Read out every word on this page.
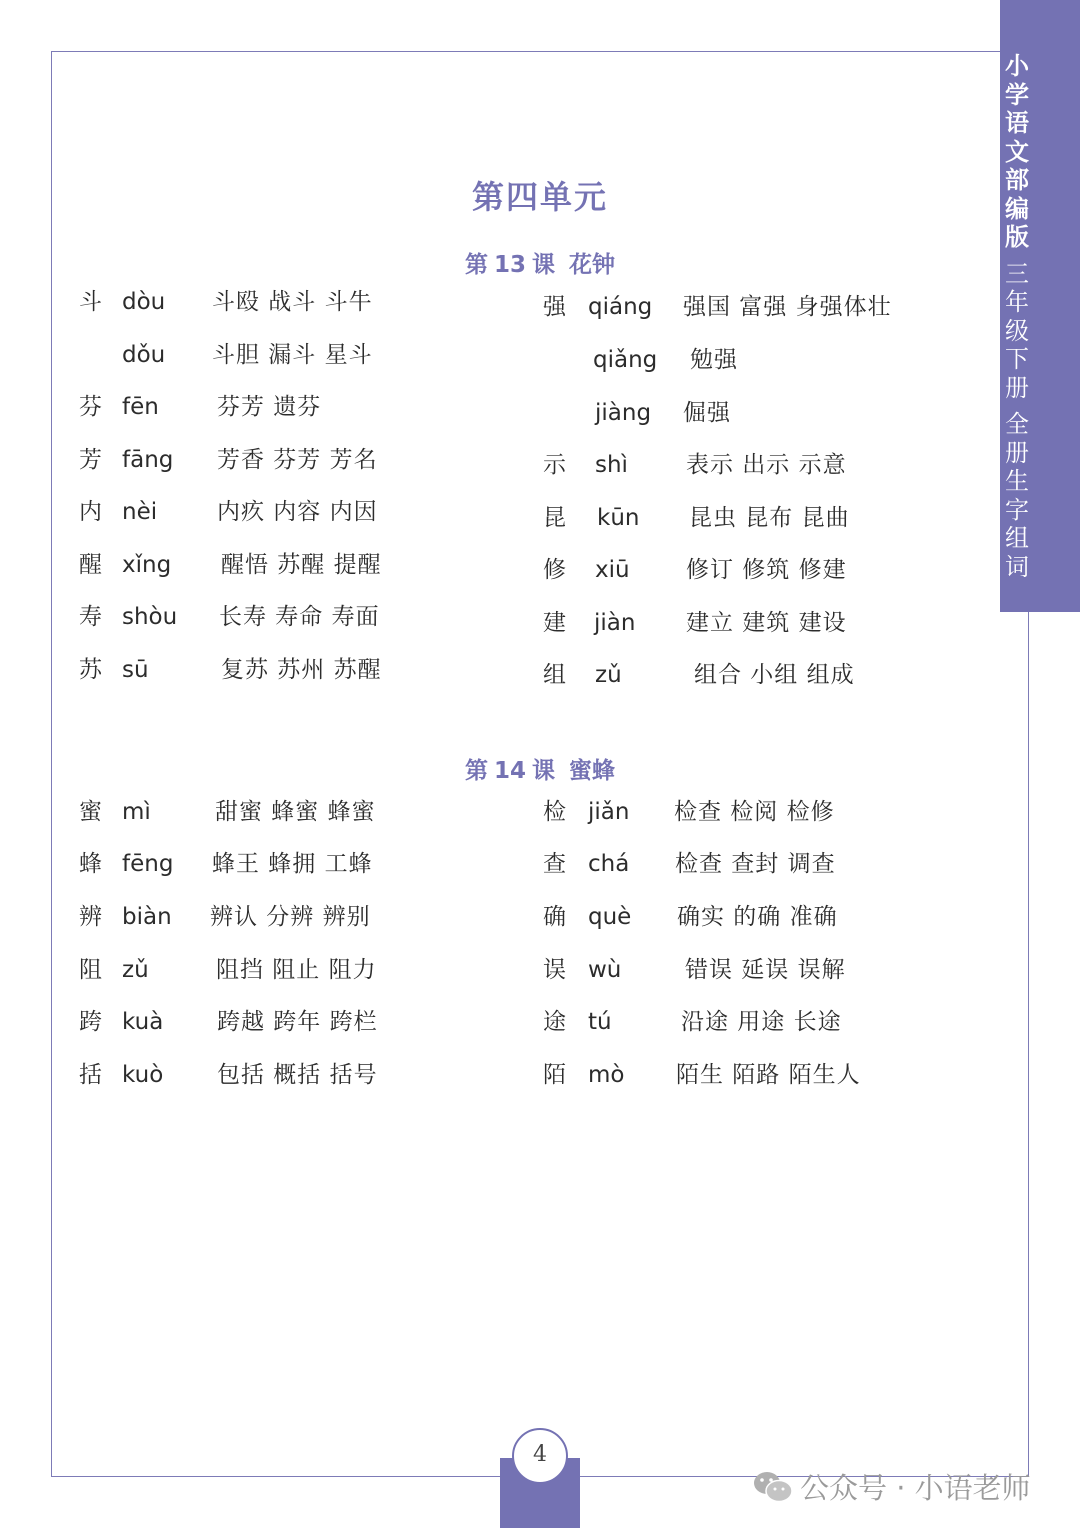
小学语文部编版
三年级下册
全册生字组词
第四单元
第 13 课 花钟
第 14 课 蜜蜂
斗 dòu 斗殴 战斗 斗牛
dǒu 斗胆 漏斗 星斗
芬 fēn	芬芳 遗芬
芳 fāng 芳香 芬芳 芳名
内 nèi	内疚 内容 内因
醒 xǐng 醒悟 苏醒 提醒
寿 shòu 长寿 寿命 寿面
苏 sū	复苏 苏州 苏醒
强 qiáng 强国 富强 身强体壮
qiǎng 勉强
jiàng 倔强
示	shì	表示 出示 示意
昆	kūn 昆虫 昆布 昆曲
修	xiū 修订 修筑 修建
建	jiàn 建立 建筑 建设
组	zǔ	组合 小组 组成
蜜 mì	甜蜜 蜂蜜 蜂蜜
蜂 fēng 蜂王 蜂拥 工蜂
辨 biàn 辨认 分辨 辨别
阻 zǔ	阻挡 阻止 阻力
跨 kuà 跨越 跨年 跨栏
括 kuò 包括 概括 括号
检 jiǎn 检查 检阅 检修
查 chá 检查 查封 调查
确 què 确实 的确 准确
误 wù	错误 延误 误解
途 tú	沿途 用途 长途
陌 mò 陌生 陌路 陌生人
4
公众号 · 小语老师
